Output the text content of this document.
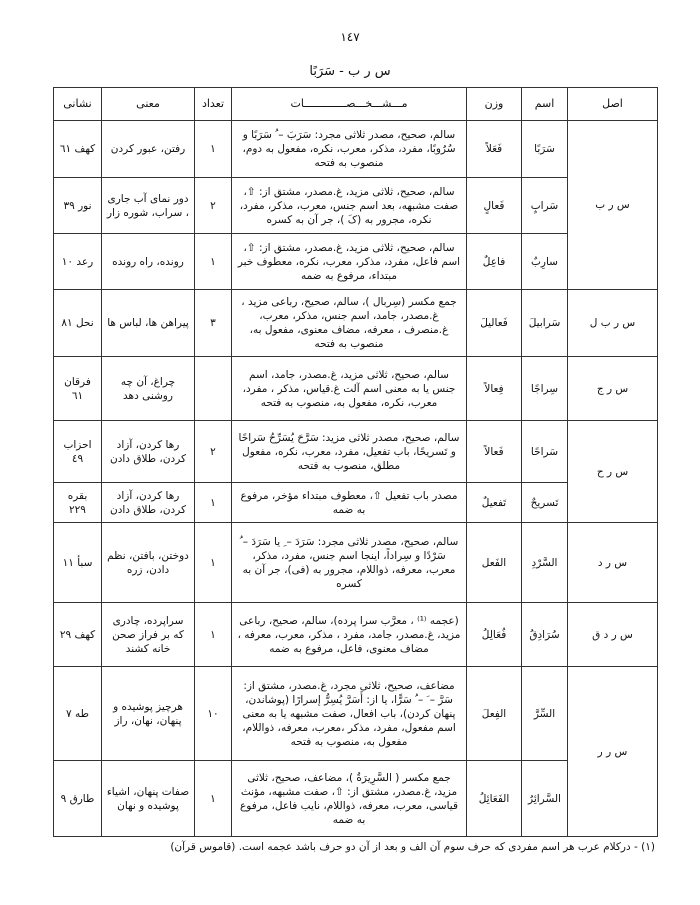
١٤٧
س ر ب - سَرَبًا
اصل	اسم	وزن	مـــشـــخـــصـــــــــــــات	تعداد	معنی	نشانی
س ر ب	سَرَبًا	فَعَلاً	سالم، صحیح، مصدر ثلاثی مجرد: سَرَبَ – ُ سَرَبًا و سُرُوبًا، مفرد، مذکر، معرب، نکره، مفعول به دوم، منصوب به فتحه	١	رفتن، عبور کردن	کهف ٦١
	سَرابٍ	فَعالٍ	سالم، صحیح، ثلاثی مزید، غ.مصدر، مشتق از: ⇧، صفت مشبهه، بعد اسم جنس، معرب، مذکر، مفرد، نکره، مجرور به (کَ )، جر آن به کسره	٢	دور نمای آب جاری ، سراب، شوره زار	نور ٣٩
	سارِبٌ	فاعِلٌ	سالم، صحیح، ثلاثی مزید، غ.مصدر، مشتق از: ⇧، اسم فاعل، مفرد، مذکر، معرب، نکره، معطوف خبر مبتداء، مرفوع به ضمه	١	رونده، راه رونده	رعد ١٠
س ر ب ل	سَرابيلَ	فَعاليلَ	جمع مکسر (سِربال )، سالم، صحیح، رباعی مزید ، غ.مصدر، جامد، اسم جنس، مذکر، معرب، غ.منصرف ، معرفه، مضاف معنوی، مفعول به، منصوب به فتحه	٣	پیراهن ها، لباس ها	نحل ٨١
س ر ج	سِراجًا	فِعالاً	سالم، صحیح، ثلاثی مزید، غ.مصدر، جامد، اسم جنس یا به معنی اسم آلت غ.قیاس، مذکر ، مفرد، معرب، نکره، مفعول به، منصوب به فتحه		چراغ، آن چه روشنی دهد	فرقان ٦١
س ر ح	سَراحًا	فَعالاً	سالم، صحیح، مصدر ثلاثی مزید: سَرَّحَ یُسَرِّحُ سَراحًا و تَسریحًا، باب تفعیل، مفرد، معرب، نکره، مفعول مطلق، منصوب به فتحه	٢	رها کردن، آزاد کردن، طلاق دادن	احزاب ٤٩
	تَسريحٌ	تَفعيلٌ	مصدر باب تفعیل ⇧، معطوف مبتداء مؤخر، مرفوع به ضمه	١	رها کردن، آزاد کردن، طلاق دادن	بقره ٢٢٩
س ر د	السَّرْدِ	الفَعل	سالم، صحیح، مصدر ثلاثی مجرد: سَرَدَ – ِ یا سَرَدَ – ُ سَرْدًا و سِراداً، اینجا اسم جنس، مفرد، مذکر، معرب، معرفه، ذواللام، مجرور به (فی)، جر آن به کسره	١	دوختن، بافتن، نظم دادن، زره	سبأ ١١
س ر د ق	سُرَادِقُ	فُعَالِلُ	(عجمه ⁽¹⁾ ، معرَّب سرا پرده)، سالم، صحیح، رباعی مزید، غ.مصدر، جامد، مفرد ، مذکر، معرب، معرفه ، مضاف معنوی، فاعل، مرفوع به ضمه	١	سراپرده، چادری که بر فراز صحن خانه کشند	کهف ٢٩
س ر ر	السِّرَّ	الفِعلَ	مضاعف، صحیح، ثلاثی مجرد، غ.مصدر، مشتق از: سَرَّ – َ – ُ سَرًّا، یا از: أَسَرَّ یُسِرُّ إسرارًا (پوشاندن، پنهان کردن)، باب افعال، صفت مشبهه یا به معنی اسم مفعول، مفرد، مذکر ،معرب، معرفه، ذواللام، مفعول به، منصوب به فتحه	١٠	هرچیز پوشیده و پنهان، نهان، راز	طه ٧
	السَّرائِرُ	الفَعَائِلُ	جمع مکسر ( السَّرِیرَةُ )، مضاعف، صحیح، ثلاثی مزید، غ.مصدر، مشتق از: ⇧، صفت مشبهه، مؤنث قیاسی، معرب، معرفه، ذواللام، نایب فاعل، مرفوع به ضمه	١	صفات پنهان، اشیاء پوشیده و نهان	طارق ٩
(١) - درکلام عرب هر اسم مفردی که حرف سوم آن الف و بعد از آن دو حرف باشد عجمه است. (قاموس قرآن)
